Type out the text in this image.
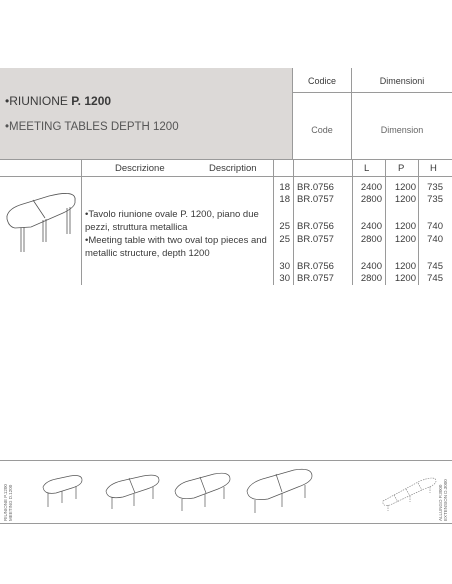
•RIUNIONE P. 1200
•MEETING TABLES DEPTH 1200
Codice
Code
Dimensioni
Dimension
Descrizione	Description	L	P	H

•Tavolo riunione ovale P. 1200, piano due pezzi, struttura metallica

•Meeting table with two oval top pieces and metallic structure, depth 1200

18 BR.0756	2400	1200	735
18 BR.0757	2800	1200	735
25 BR.0756	2400	1200	740
25 BR.0757	2800	1200	740
30 BR.0756	2400	1200	745
30 BR.0757	2800	1200	745
RIUNIONE P.1200
MEETING D.1200	ALLUNGO P.3000
EXTENSION D.3000
